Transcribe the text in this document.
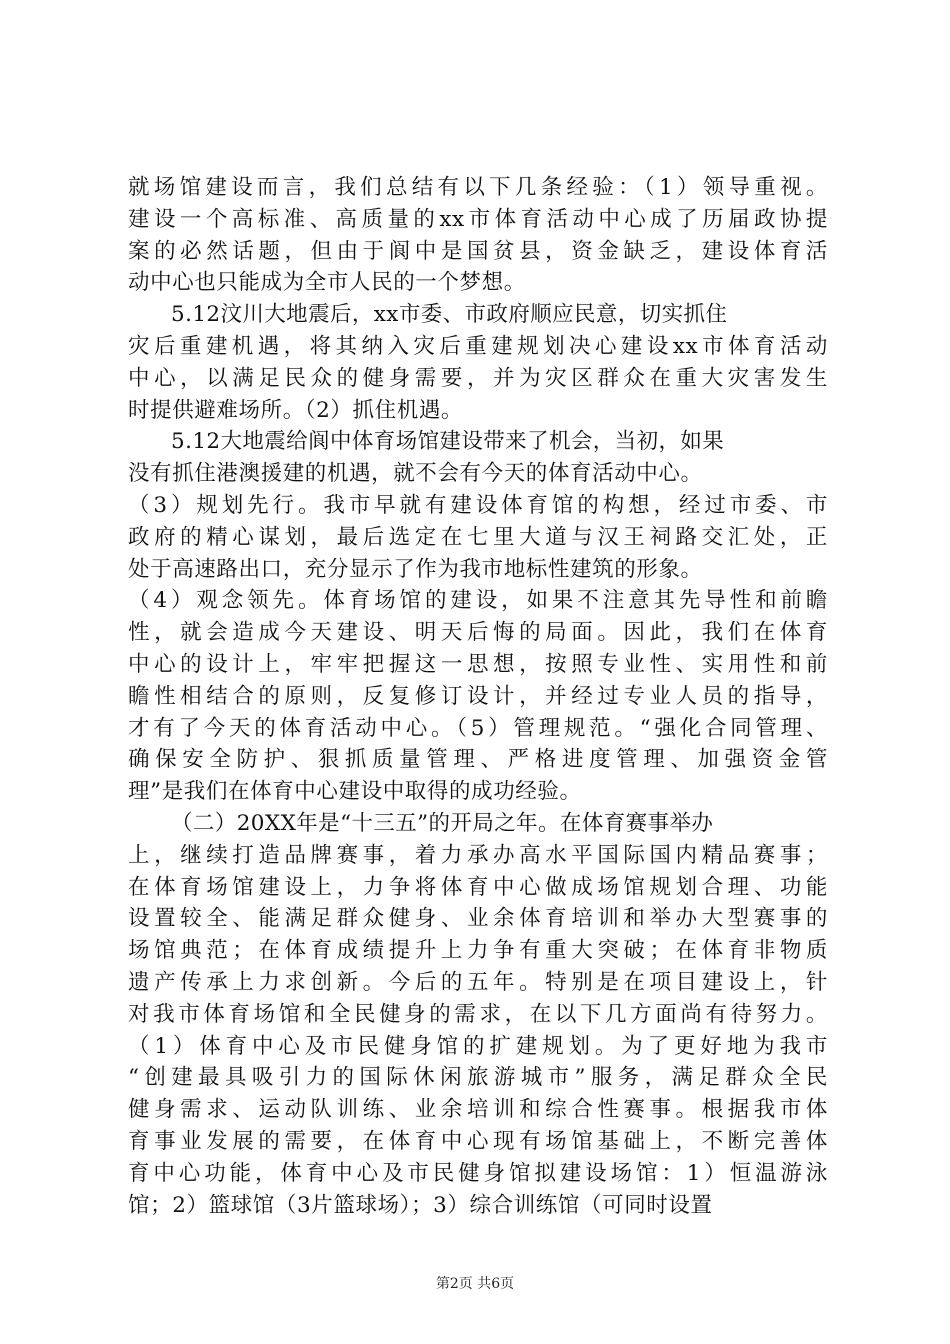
就场馆建设而言，我们总结有以下几条经验：（1）领导重视。
建设一个高标准、高质量的xx市体育活动中心成了历届政协提
案的必然话题，但由于阆中是国贫县，资金缺乏，建设体育活
动中心也只能成为全市人民的一个梦想。
5.12汶川大地震后，xx市委、市政府顺应民意，切实抓住
灾后重建机遇，将其纳入灾后重建规划决心建设xx市体育活动
中心，以满足民众的健身需要，并为灾区群众在重大灾害发生
时提供避难场所。（2）抓住机遇。
5.12大地震给阆中体育场馆建设带来了机会，当初，如果
没有抓住港澳援建的机遇，就不会有今天的体育活动中心。
（3）规划先行。我市早就有建设体育馆的构想，经过市委、市
政府的精心谋划，最后选定在七里大道与汉王祠路交汇处，正
处于高速路出口，充分显示了作为我市地标性建筑的形象。
（4）观念领先。体育场馆的建设，如果不注意其先导性和前瞻
性，就会造成今天建设、明天后悔的局面。因此，我们在体育
中心的设计上，牢牢把握这一思想，按照专业性、实用性和前
瞻性相结合的原则，反复修订设计，并经过专业人员的指导，
才有了今天的体育活动中心。（5）管理规范。“强化合同管理、
确保安全防护、狠抓质量管理、严格进度管理、加强资金管
理”是我们在体育中心建设中取得的成功经验。
（二）20XX年是“十三五”的开局之年。在体育赛事举办
上，继续打造品牌赛事，着力承办高水平国际国内精品赛事；
在体育场馆建设上，力争将体育中心做成场馆规划合理、功能
设置较全、能满足群众健身、业余体育培训和举办大型赛事的
场馆典范；在体育成绩提升上力争有重大突破；在体育非物质
遗产传承上力求创新。今后的五年。特别是在项目建设上，针
对我市体育场馆和全民健身的需求，在以下几方面尚有待努力。
（1）体育中心及市民健身馆的扩建规划。为了更好地为我市
“创建最具吸引力的国际休闲旅游城市”服务，满足群众全民
健身需求、运动队训练、业余培训和综合性赛事。根据我市体
育事业发展的需要，在体育中心现有场馆基础上，不断完善体
育中心功能，体育中心及市民健身馆拟建设场馆：1）恒温游泳
馆；2）篮球馆（3片篮球场）；3）综合训练馆（可同时设置
第2页 共6页
